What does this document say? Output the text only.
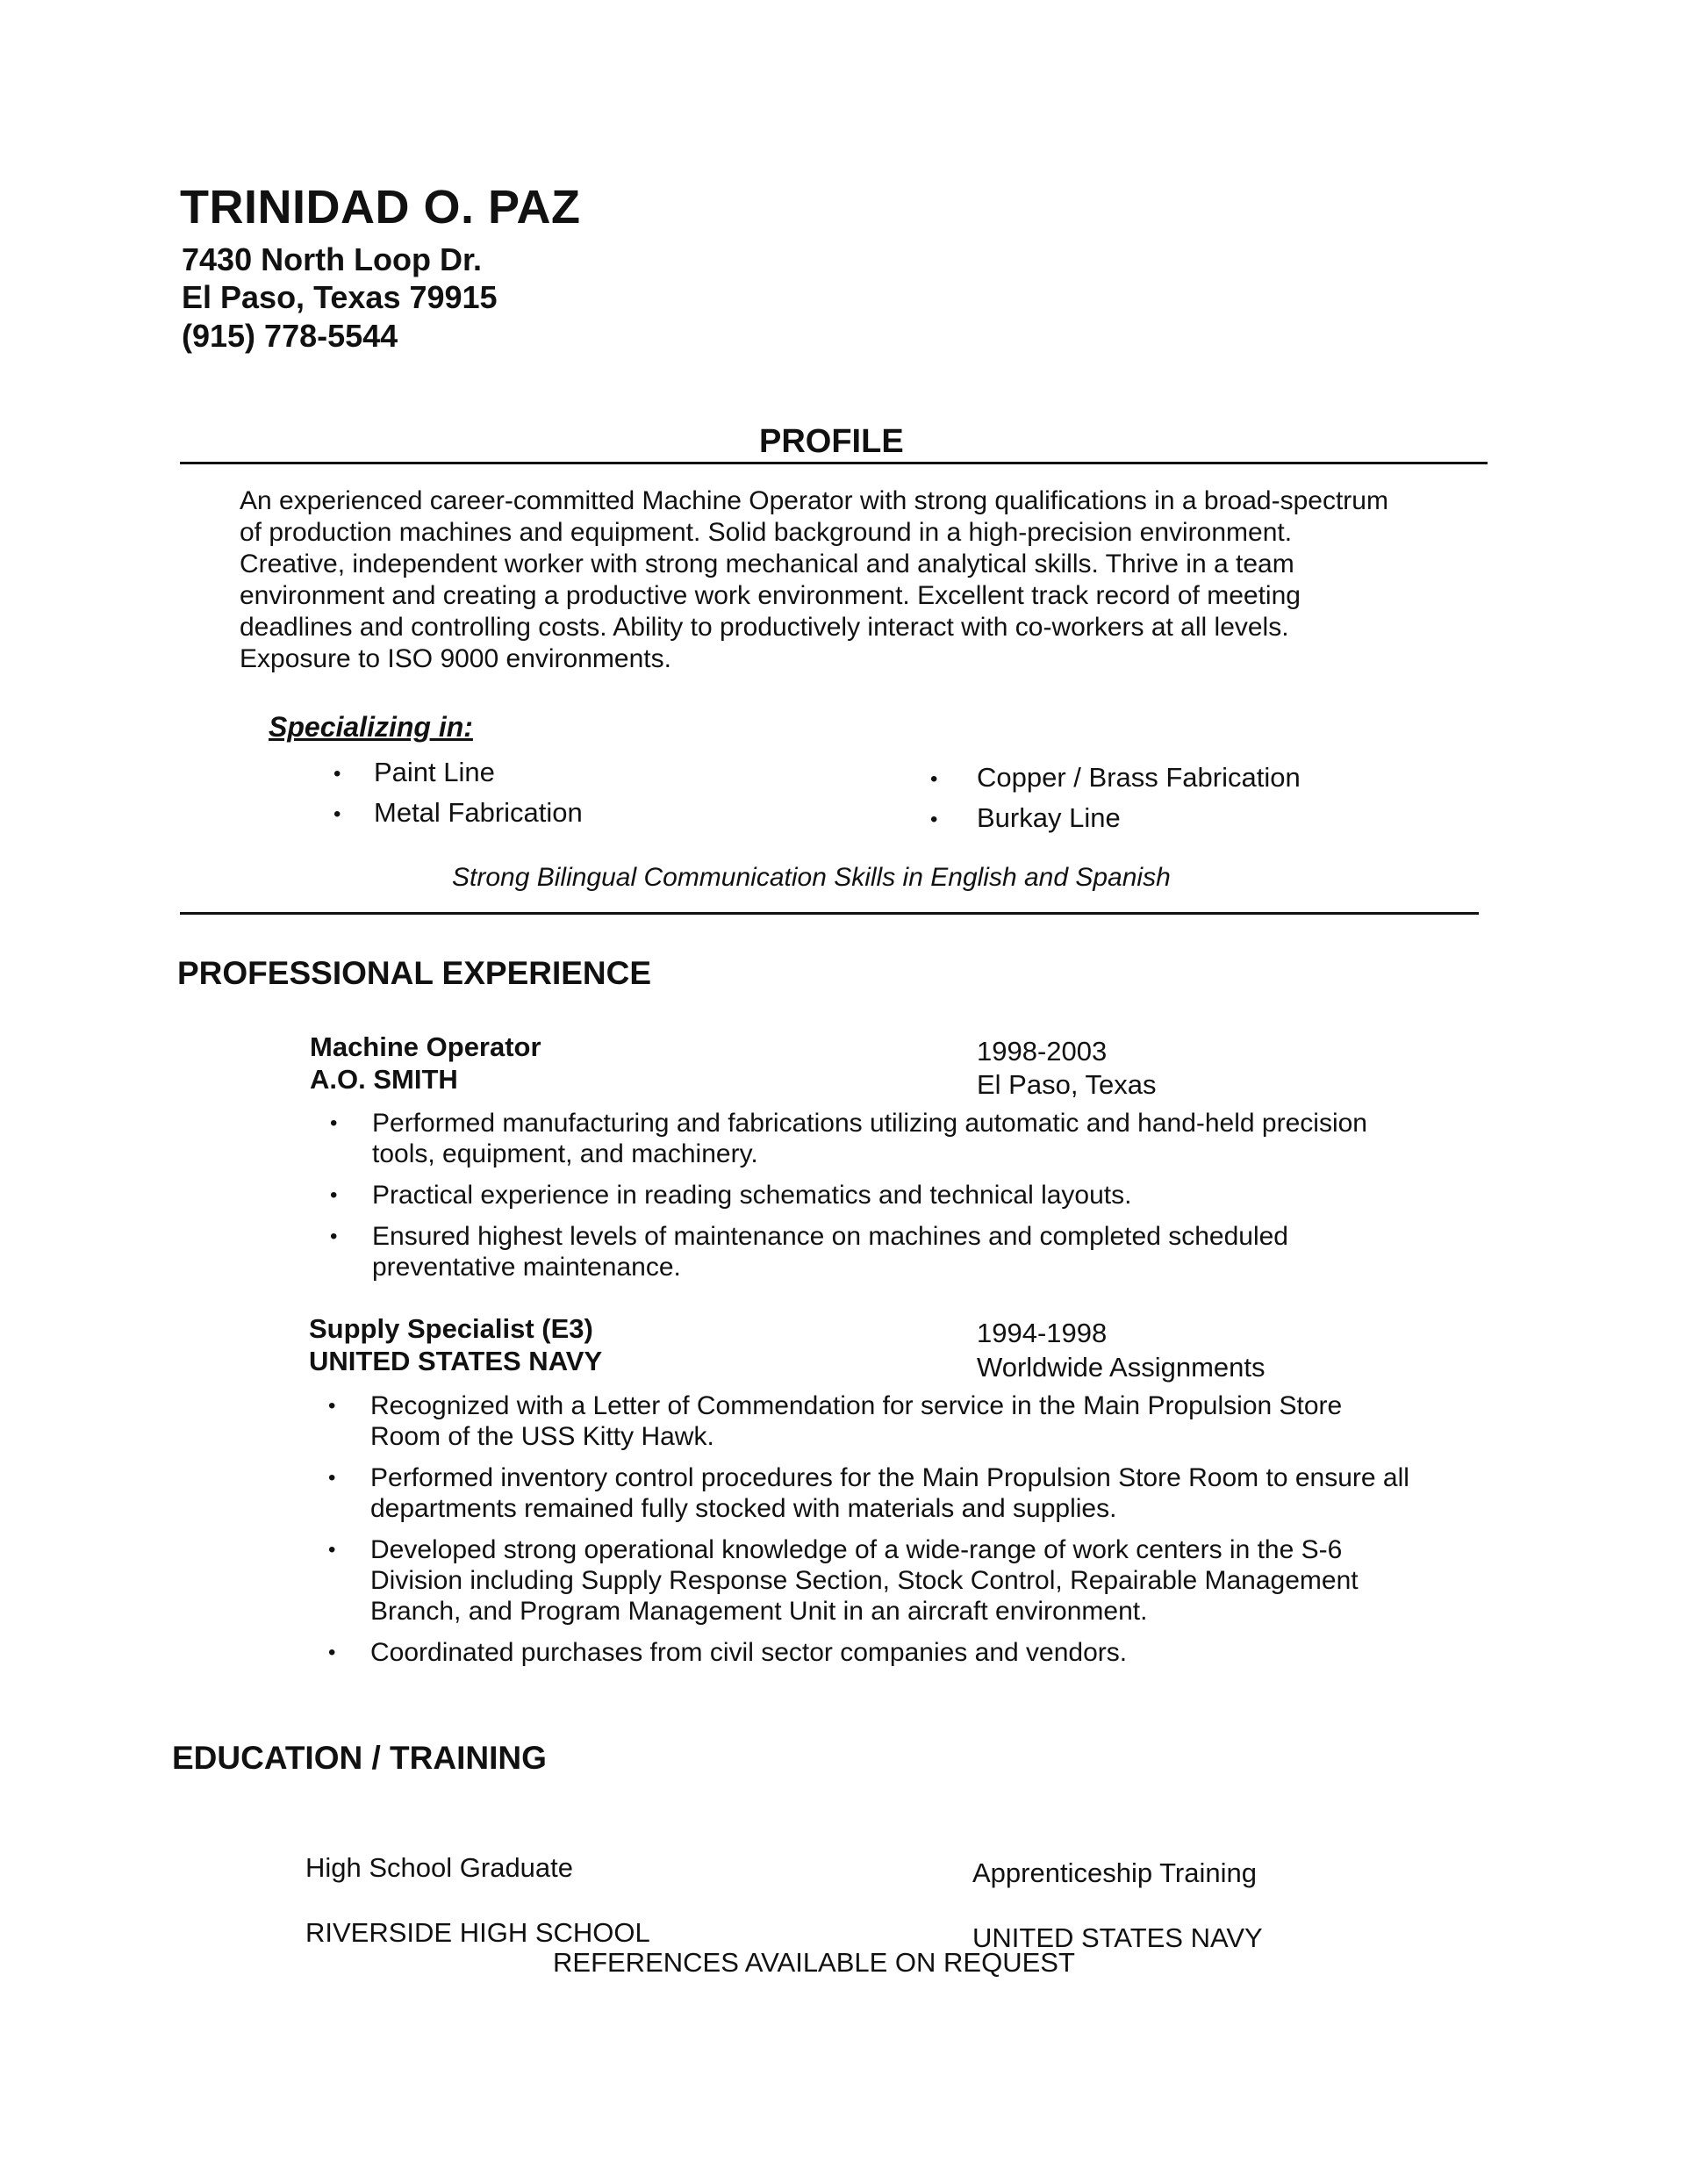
TRINIDAD O. PAZ
7430 North Loop Dr.
El Paso, Texas 79915
(915) 778-5544
PROFILE

An experienced career-committed Machine Operator with strong qualifications in a broad-spectrum

of production machines and equipment. Solid background in a high-precision environment.

Creative, independent worker with strong mechanical and analytical skills. Thrive in a team

environment and creating a productive work environment. Excellent track record of meeting

deadlines and controlling costs. Ability to productively interact with co-workers at all levels.

Exposure to ISO 9000 environments.

Specializing in:
• Paint Line
• Metal Fabrication
• Copper / Brass Fabrication
• Burkay Line
Strong Bilingual Communication Skills in English and Spanish
PROFESSIONAL EXPERIENCE
Machine Operator
A.O. SMITH
1998-2003
El Paso, Texas
• Performed manufacturing and fabrications utilizing automatic and hand-held precision
tools, equipment, and machinery.
• Practical experience in reading schematics and technical layouts.
• Ensured highest levels of maintenance on machines and completed scheduled
preventative maintenance.
Supply Specialist (E3)
UNITED STATES NAVY
1994-1998
Worldwide Assignments
• Recognized with a Letter of Commendation for service in the Main Propulsion Store
Room of the USS Kitty Hawk.
• Performed inventory control procedures for the Main Propulsion Store Room to ensure all
departments remained fully stocked with materials and supplies.
• Developed strong operational knowledge of a wide-range of work centers in the S-6
Division including Supply Response Section, Stock Control, Repairable Management
Branch, and Program Management Unit in an aircraft environment.
• Coordinated purchases from civil sector companies and vendors.
EDUCATION / TRAINING

High School Graduate

RIVERSIDE HIGH SCHOOL

Apprenticeship Training

UNITED STATES NAVY

REFERENCES AVAILABLE ON REQUEST
